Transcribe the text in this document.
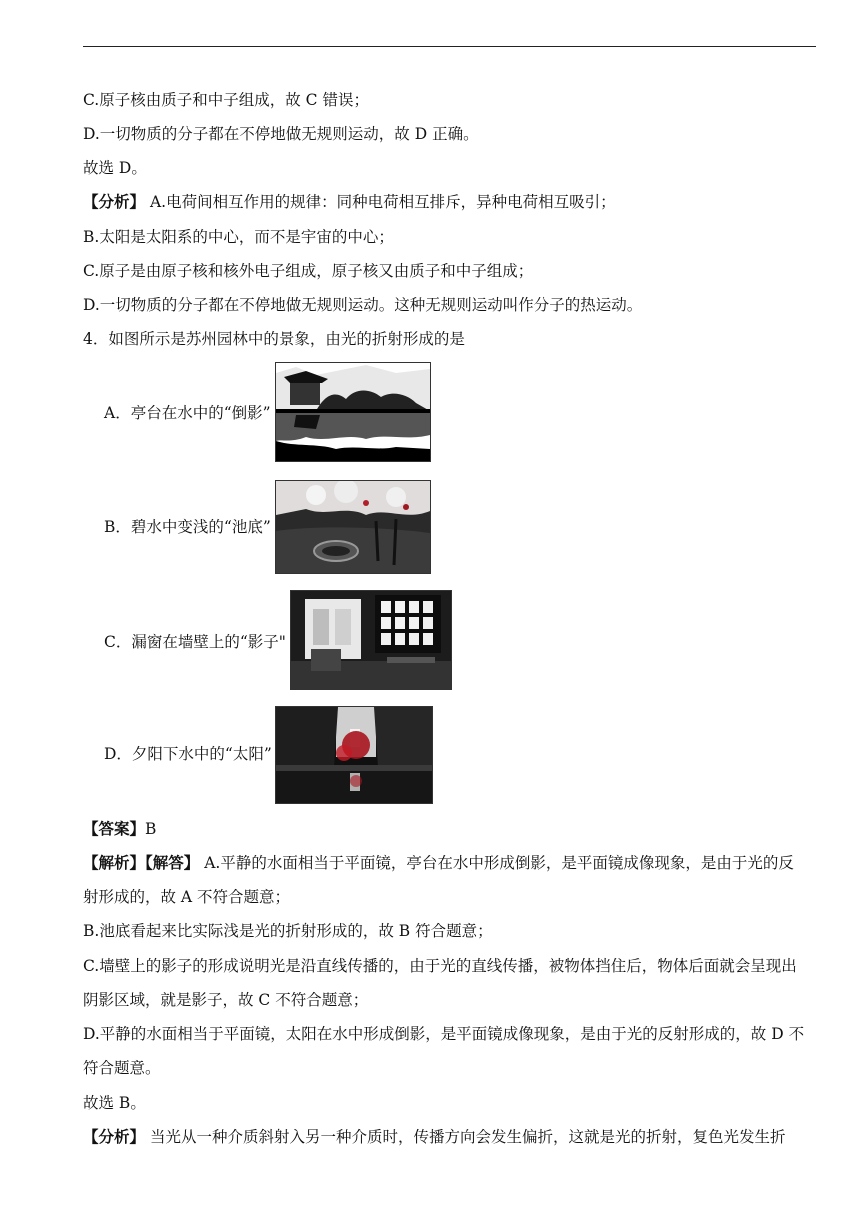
C.原子核由质子和中子组成，故 C 错误；
D.一切物质的分子都在不停地做无规则运动，故 D 正确。
故选 D。
【分析】 A.电荷间相互作用的规律：同种电荷相互排斥，异种电荷相互吸引；
B.太阳是太阳系的中心，而不是宇宙的中心；
C.原子是由原子核和核外电子组成，原子核又由质子和中子组成；
D.一切物质的分子都在不停地做无规则运动。这种无规则运动叫作分子的热运动。
4．如图所示是苏州园林中的景象，由光的折射形成的是
A．亭台在水中的“倒影”
B．碧水中变浅的“池底”
C．漏窗在墙壁上的“影子"
D．夕阳下水中的“太阳”
【答案】B
【解析】【解答】 A.平静的水面相当于平面镜，亭台在水中形成倒影，是平面镜成像现象，是由于光的反
射形成的，故 A 不符合题意；
B.池底看起来比实际浅是光的折射形成的，故 B 符合题意；
C.墙壁上的影子的形成说明光是沿直线传播的，由于光的直线传播，被物体挡住后，物体后面就会呈现出
阴影区域，就是影子，故 C 不符合题意；
D.平静的水面相当于平面镜，太阳在水中形成倒影，是平面镜成像现象，是由于光的反射形成的，故 D 不
符合题意。
故选 B。
【分析】 当光从一种介质斜射入另一种介质时，传播方向会发生偏折，这就是光的折射，复色光发生折
